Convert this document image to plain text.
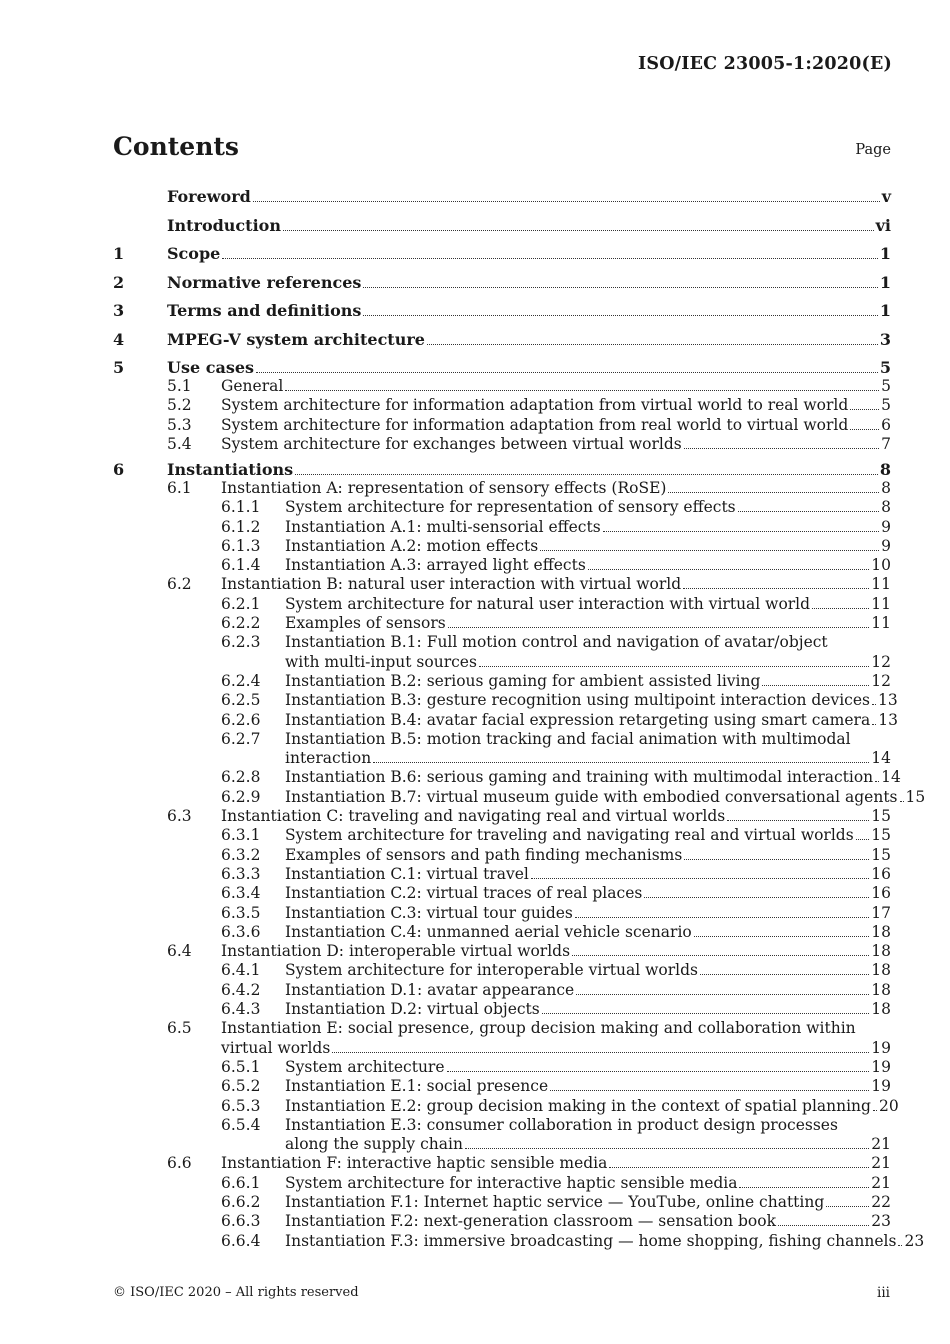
ISO/IEC 23005-1:2020(E)
Contents	Page
Foreword	v
Introduction	vi
1	Scope	1
2	Normative references	1
3	Terms and definitions	1
4	MPEG-V system architecture	3
5	Use cases	5
5.1 General	5
5.2 System architecture for information adaptation from virtual world to real world 5
5.3 System architecture for information adaptation from real world to virtual world 6
5.4 System architecture for exchanges between virtual worlds	7
6	Instantiations	8
6.1 Instantiation A: representation of sensory effects (RoSE)	8
6.1.1 System architecture for representation of sensory effects	8
6.1.2 Instantiation A.1: multi-sensorial effects	9
6.1.3 Instantiation A.2: motion effects	9
6.1.4 Instantiation A.3: arrayed light effects	10
6.2 Instantiation B: natural user interaction with virtual world	11
6.2.1 System architecture for natural user interaction with virtual world	11
6.2.2 Examples of sensors	11
6.2.3 Instantiation B.1: Full motion control and navigation of avatar/object
with multi-input sources	12
6.2.4 Instantiation B.2: serious gaming for ambient assisted living	12
6.2.5 Instantiation B.3: gesture recognition using multipoint interaction devices 13
6.2.6 Instantiation B.4: avatar facial expression retargeting using smart camera 13
6.2.7 Instantiation B.5: motion tracking and facial animation with multimodal
interaction	14
6.2.8 Instantiation B.6: serious gaming and training with multimodal interaction 14
6.2.9 Instantiation B.7: virtual museum guide with embodied conversational agents 15
6.3 Instantiation C: traveling and navigating real and virtual worlds	15
6.3.1 System architecture for traveling and navigating real and virtual worlds 15
6.3.2 Examples of sensors and path finding mechanisms	15
6.3.3 Instantiation C.1: virtual travel	16
6.3.4 Instantiation C.2: virtual traces of real places	16
6.3.5 Instantiation C.3: virtual tour guides	17
6.3.6 Instantiation C.4: unmanned aerial vehicle scenario	18
6.4 Instantiation D: interoperable virtual worlds	18
6.4.1 System architecture for interoperable virtual worlds	18
6.4.2 Instantiation D.1: avatar appearance	18
6.4.3 Instantiation D.2: virtual objects	18
6.5 Instantiation E: social presence, group decision making and collaboration within
virtual worlds	19
6.5.1 System architecture	19
6.5.2 Instantiation E.1: social presence	19
6.5.3 Instantiation E.2: group decision making in the context of spatial planning 20
6.5.4 Instantiation E.3: consumer collaboration in product design processes
along the supply chain	21
6.6 Instantiation F: interactive haptic sensible media	21
6.6.1 System architecture for interactive haptic sensible media	21
6.6.2 Instantiation F.1: Internet haptic service — YouTube, online chatting	22
6.6.3 Instantiation F.2: next-generation classroom — sensation book	23
6.6.4 Instantiation F.3: immersive broadcasting — home shopping, fishing channels 23
© ISO/IEC 2020 – All rights reserved	iii
